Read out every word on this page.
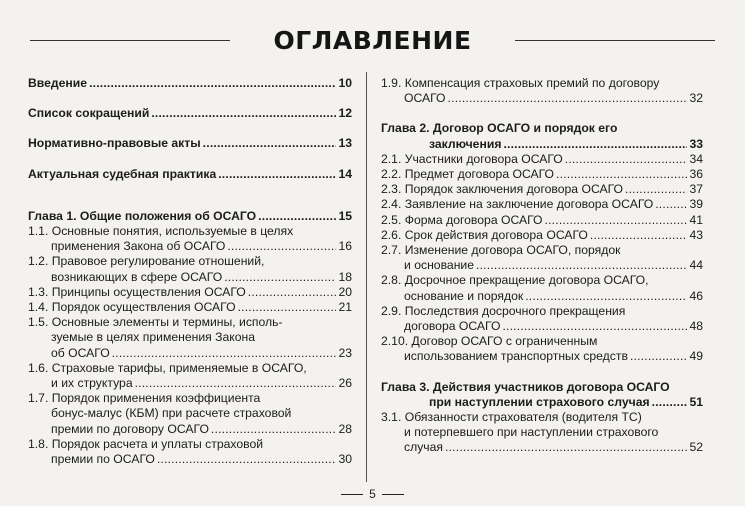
ОГЛАВЛЕНИЕ
Введение . . .	10
Список сокращений . . .	12
Нормативно-правовые акты . . .	13
Актуальная судебная практика . . .	14
Глава 1. Общие положения об ОСАГО . . .	15
1.1. Основные понятия, используемые в целях
применения Закона об ОСАГО . . .	16
1.2. Правовое регулирование отношений,
возникающих в сфере ОСАГО . . .	18
1.3. Принципы осуществления ОСАГО . . .	20
1.4. Порядок осуществления ОСАГО . . .	21
1.5. Основные элементы и термины, исполь-
зуемые в целях применения Закона
об ОСАГО . . .	23
1.6. Страховые тарифы, применяемые в ОСАГО,
и их структура . . .	26
1.7. Порядок применения коэффициента
бонус-малус (КБМ) при расчете страховой
премии по договору ОСАГО . . .	28
1.8. Порядок расчета и уплаты страховой
премии по ОСАГО . . .	30
1.9. Компенсация страховых премий по договору
ОСАГО . . .	32
Глава 2. Договор ОСАГО и порядок его
заключения . . .	33
2.1. Участники договора ОСАГО . . .	34
2.2. Предмет договора ОСАГО . . .	36
2.3. Порядок заключения договора ОСАГО . . .	37
2.4. Заявление на заключение договора ОСАГО . . .	39
2.5. Форма договора ОСАГО . . .	41
2.6. Срок действия договора ОСАГО . . .	43
2.7. Изменение договора ОСАГО, порядок
и основание . . .	44
2.8. Досрочное прекращение договора ОСАГО,
основание и порядок . . .	46
2.9. Последствия досрочного прекращения
договора ОСАГО . . .	48
2.10. Договор ОСАГО с ограниченным
использованием транспортных средств . . .	49
Глава 3. Действия участников договора ОСАГО
при наступлении страхового случая . . .	51
3.1. Обязанности страхователя (водителя ТС)
и потерпевшего при наступлении страхового
случая . . .	52
5
